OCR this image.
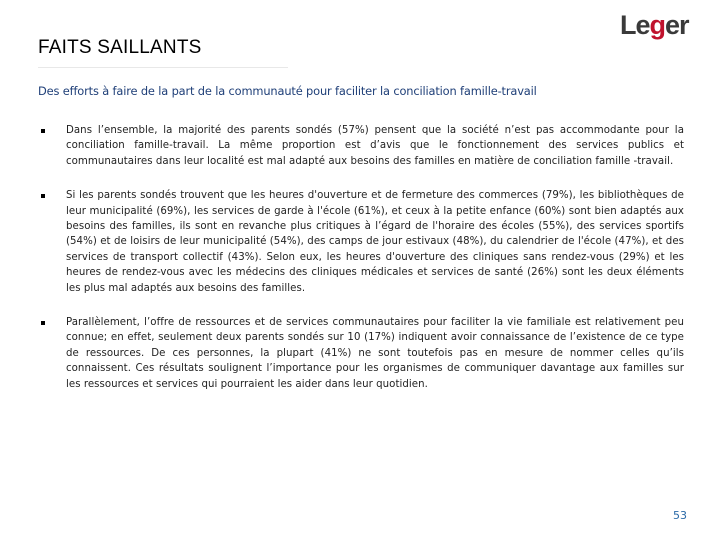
FAITS SAILLANTS
Leger
Des efforts à faire de la part de la communauté pour faciliter la conciliation famille-travail
Dans l’ensemble, la majorité des parents sondés (57%) pensent que la société n’est pas accommodante pour la conciliation famille-travail. La même proportion est d’avis que le fonctionnement des services publics et communautaires dans leur localité est mal adapté aux besoins des familles en matière de conciliation famille -travail.
Si les parents sondés trouvent que les heures d'ouverture et de fermeture des commerces (79%), les bibliothèques de leur municipalité (69%), les services de garde à l'école (61%), et ceux à la petite enfance (60%) sont bien adaptés aux besoins des familles, ils sont en revanche plus critiques à l’égard de l'horaire des écoles (55%), des services sportifs (54%) et de loisirs de leur municipalité (54%), des camps de jour estivaux (48%), du calendrier de l'école (47%), et des services de transport collectif (43%). Selon eux, les heures d'ouverture des cliniques sans rendez-vous (29%) et les heures de rendez-vous avec les médecins des cliniques médicales et services de santé (26%) sont les deux éléments les plus mal adaptés aux besoins des familles.
Parallèlement, l’offre de ressources et de services communautaires pour faciliter la vie familiale est relativement peu connue; en effet, seulement deux parents sondés sur 10 (17%) indiquent avoir connaissance de l’existence de ce type de ressources. De ces personnes, la plupart (41%) ne sont toutefois pas en mesure de nommer celles qu’ils connaissent. Ces résultats soulignent l’importance pour les organismes de communiquer davantage aux familles sur les ressources et services qui pourraient les aider dans leur quotidien.
53
